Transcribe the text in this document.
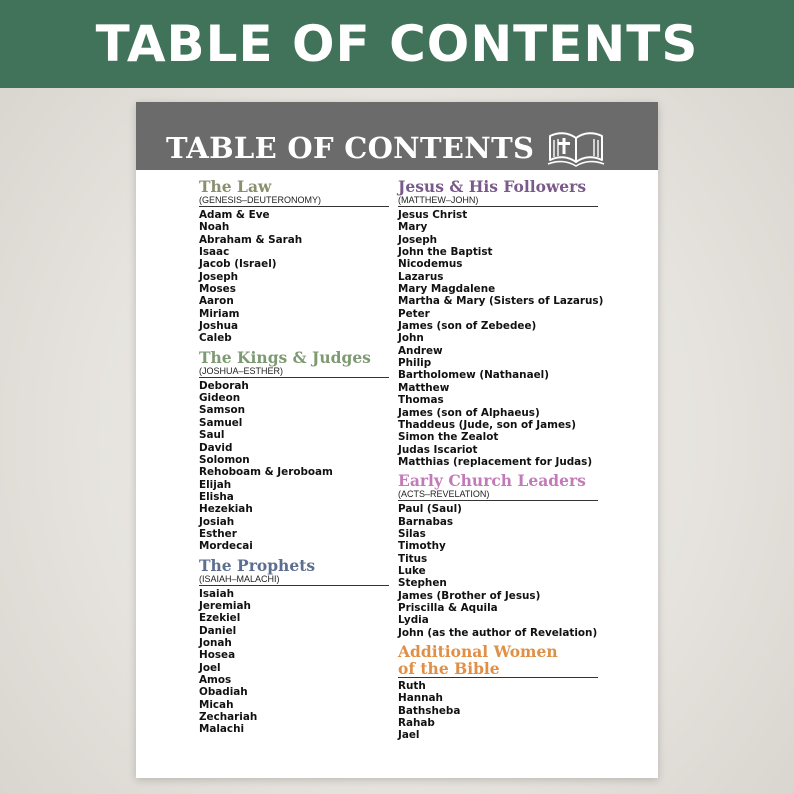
TABLE OF CONTENTS
TABLE OF CONTENTS
The Law
(GENESIS–DEUTERONOMY)
Adam & Eve
Noah
Abraham & Sarah
Isaac
Jacob (Israel)
Joseph
Moses
Aaron
Miriam
Joshua
Caleb
The Kings & Judges
(JOSHUA–ESTHER)
Deborah
Gideon
Samson
Samuel
Saul
David
Solomon
Rehoboam & Jeroboam
Elijah
Elisha
Hezekiah
Josiah
Esther
Mordecai
The Prophets
(ISAIAH–MALACHI)
Isaiah
Jeremiah
Ezekiel
Daniel
Jonah
Hosea
Joel
Amos
Obadiah
Micah
Zechariah
Malachi
Jesus & His Followers
(MATTHEW–JOHN)
Jesus Christ
Mary
Joseph
John the Baptist
Nicodemus
Lazarus
Mary Magdalene
Martha & Mary (Sisters of Lazarus)
Peter
James (son of Zebedee)
John
Andrew
Philip
Bartholomew (Nathanael)
Matthew
Thomas
James (son of Alphaeus)
Thaddeus (Jude, son of James)
Simon the Zealot
Judas Iscariot
Matthias (replacement for Judas)
Early Church Leaders
(ACTS–REVELATION)
Paul (Saul)
Barnabas
Silas
Timothy
Titus
Luke
Stephen
James (Brother of Jesus)
Priscilla & Aquila
Lydia
John (as the author of Revelation)
Additional Women
of the Bible
Ruth
Hannah
Bathsheba
Rahab
Jael
